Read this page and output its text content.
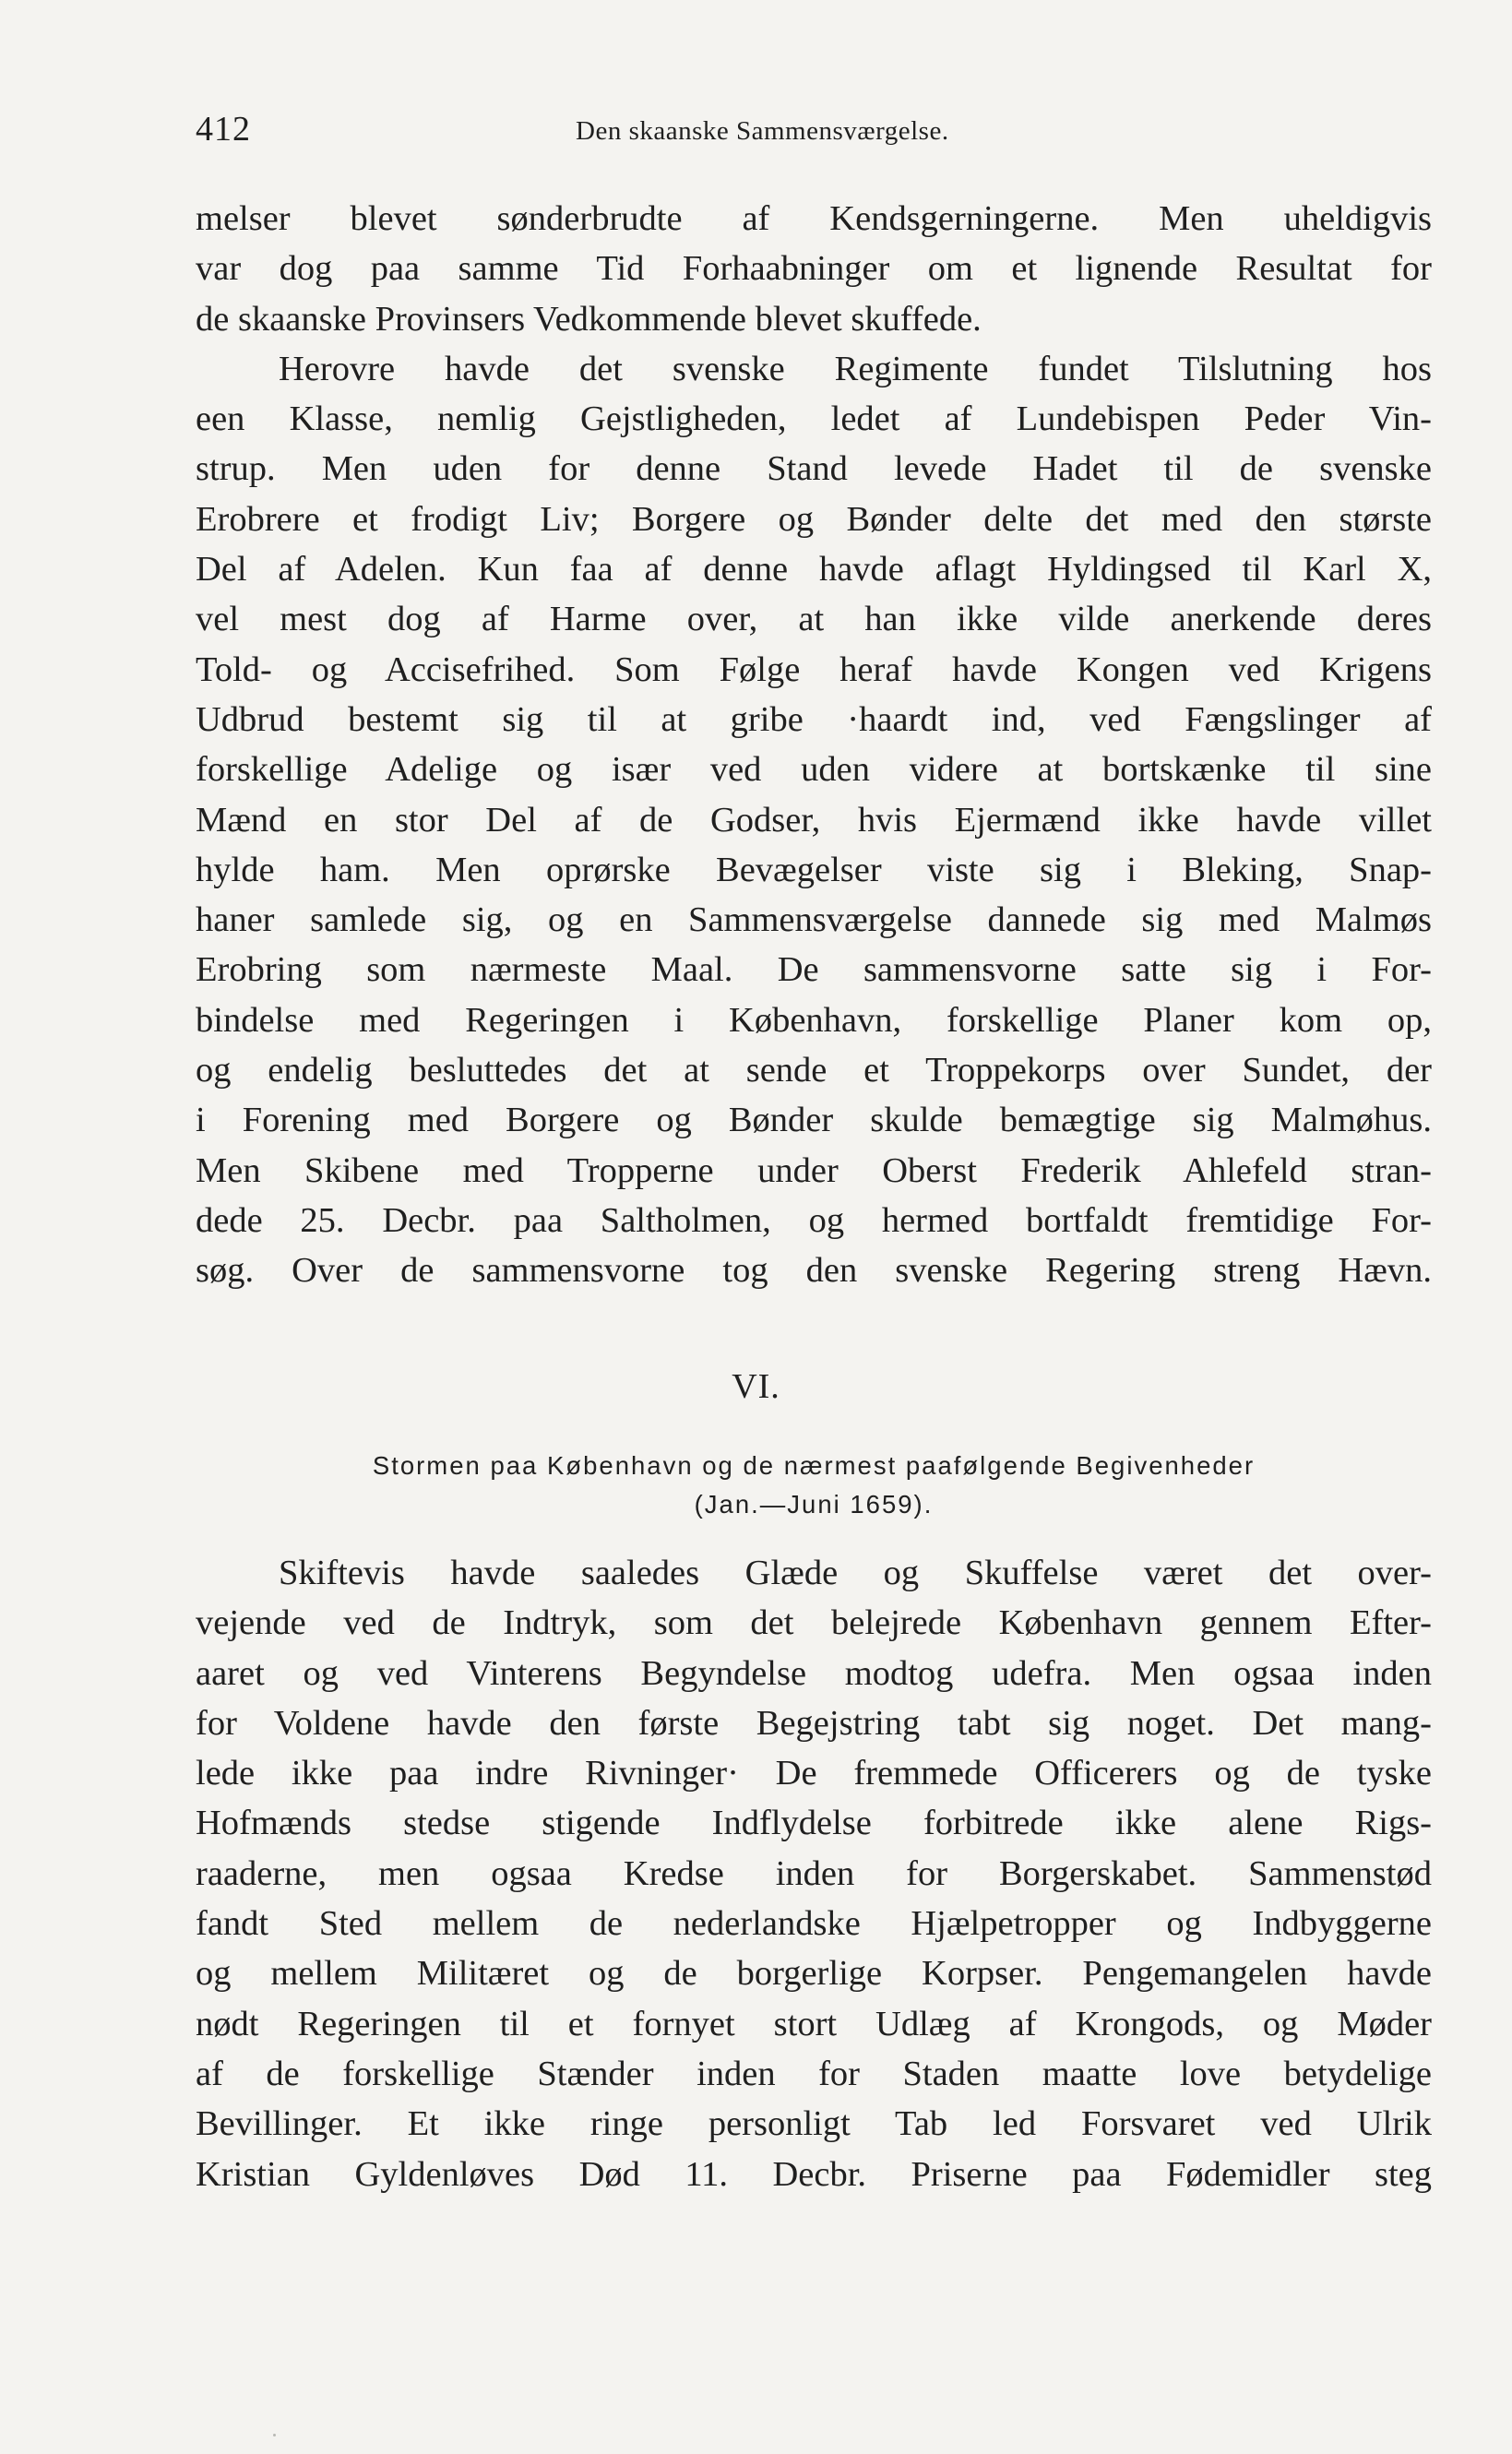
412	Den skaanske Sammensværgelse.
melser blevet sønderbrudte af Kendsgerningerne. Men uheldigvis
var dog paa samme Tid Forhaabninger om et lignende Resultat for
de skaanske Provinsers Vedkommende blevet skuffede.
Herovre havde det svenske Regimente fundet Tilslutning hos
een Klasse, nemlig Gejstligheden, ledet af Lundebispen Peder Vin-
strup. Men uden for denne Stand levede Hadet til de svenske
Erobrere et frodigt Liv; Borgere og Bønder delte det med den største
Del af Adelen. Kun faa af denne havde aflagt Hyldingsed til Karl X,
vel mest dog af Harme over, at han ikke vilde anerkende deres
Told- og Accisefrihed. Som Følge heraf havde Kongen ved Krigens
Udbrud bestemt sig til at gribe ·haardt ind, ved Fængslinger af
forskellige Adelige og især ved uden videre at bortskænke til sine
Mænd en stor Del af de Godser, hvis Ejermænd ikke havde villet
hylde ham. Men oprørske Bevægelser viste sig i Bleking, Snap-
haner samlede sig, og en Sammensværgelse dannede sig med Malmøs
Erobring som nærmeste Maal. De sammensvorne satte sig i For-
bindelse med Regeringen i København, forskellige Planer kom op,
og endelig besluttedes det at sende et Troppekorps over Sundet, der
i Forening med Borgere og Bønder skulde bemægtige sig Malmøhus.
Men Skibene med Tropperne under Oberst Frederik Ahlefeld stran-
dede 25. Decbr. paa Saltholmen, og hermed bortfaldt fremtidige For-
søg. Over de sammensvorne tog den svenske Regering streng Hævn.
VI.
Stormen paa København og de nærmest paafølgende Begivenheder
(Jan.—Juni 1659).
Skiftevis havde saaledes Glæde og Skuffelse været det over-
vejende ved de Indtryk, som det belejrede København gennem Efter-
aaret og ved Vinterens Begyndelse modtog udefra. Men ogsaa inden
for Voldene havde den første Begejstring tabt sig noget. Det mang-
lede ikke paa indre Rivninger· De fremmede Officerers og de tyske
Hofmænds stedse stigende Indflydelse forbitrede ikke alene Rigs-
raaderne, men ogsaa Kredse inden for Borgerskabet. Sammenstød
fandt Sted mellem de nederlandske Hjælpetropper og Indbyggerne
og mellem Militæret og de borgerlige Korpser. Pengemangelen havde
nødt Regeringen til et fornyet stort Udlæg af Krongods, og Møder
af de forskellige Stænder inden for Staden maatte love betydelige
Bevillinger. Et ikke ringe personligt Tab led Forsvaret ved Ulrik
Kristian Gyldenløves Død 11. Decbr. Priserne paa Fødemidler steg
